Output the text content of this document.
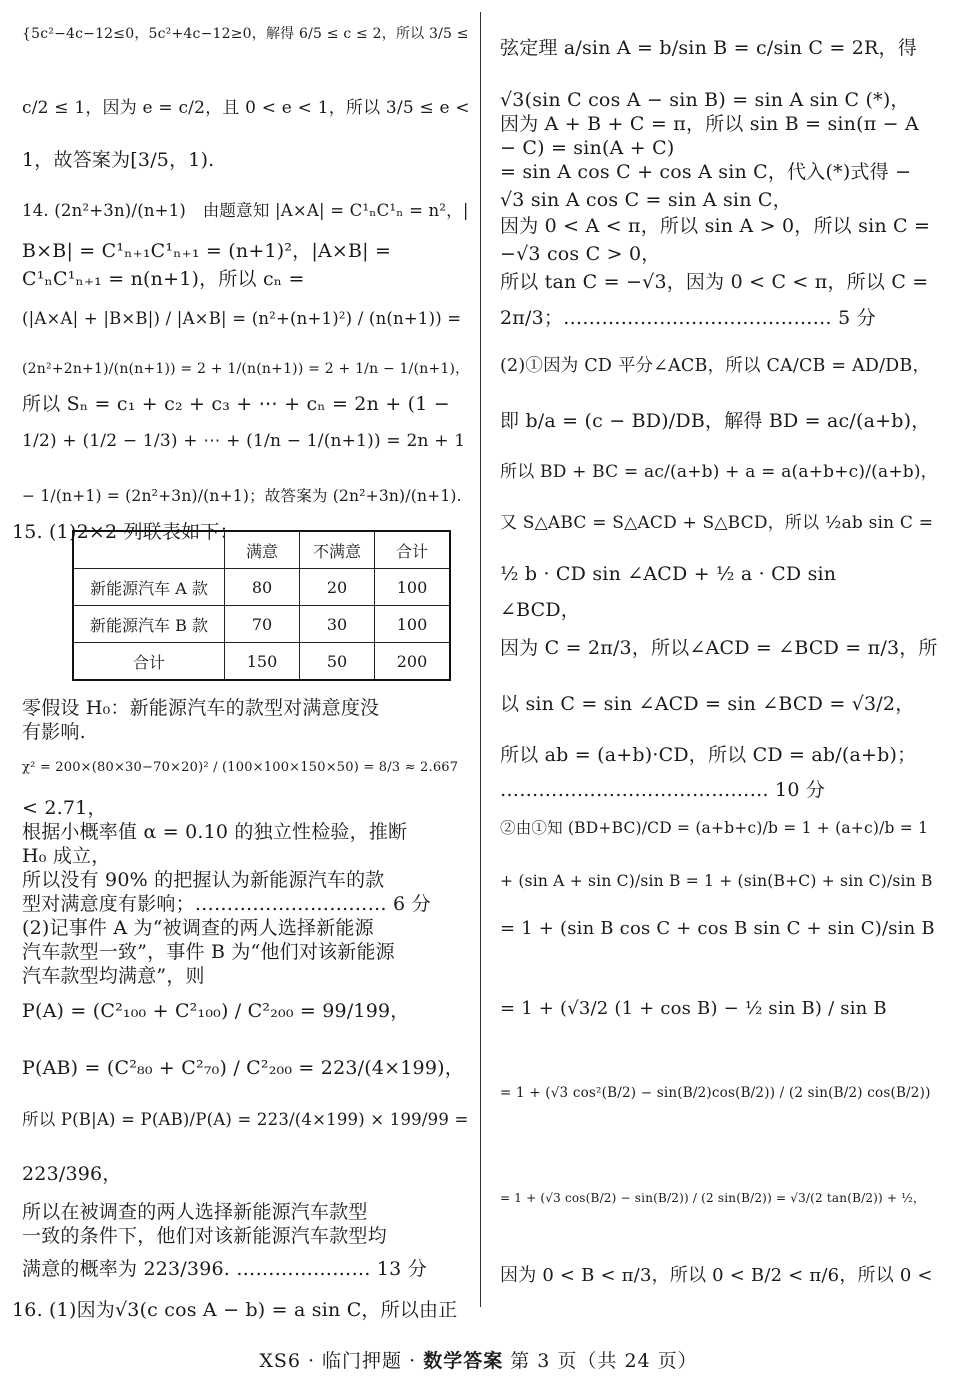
{5c²−4c−12≤0，5c²+4c−12≥0，解得 6/5 ≤ c ≤ 2，所以 3/5 ≤
c/2 ≤ 1，因为 e = c/2，且 0 < e < 1，所以 3/5 ≤ e <
1，故答案为[3/5，1).
14. (2n²+3n)/(n+1)　由题意知 |A×A| = C¹ₙC¹ₙ = n²，|
B×B| = C¹ₙ₊₁C¹ₙ₊₁ = (n+1)²，|A×B| =
C¹ₙC¹ₙ₊₁ = n(n+1)，所以 cₙ =
(|A×A| + |B×B|) / |A×B| = (n²+(n+1)²) / (n(n+1)) =
(2n²+2n+1)/(n(n+1)) = 2 + 1/(n(n+1)) = 2 + 1/n − 1/(n+1)，
所以 Sₙ = c₁ + c₂ + c₃ + ⋯ + cₙ = 2n + (1 −
1/2) + (1/2 − 1/3) + ⋯ + (1/n − 1/(n+1)) = 2n + 1
− 1/(n+1) = (2n²+3n)/(n+1)；故答案为 (2n²+3n)/(n+1).
15. (1)2×2 列联表如下：
	满意	不满意	合计
新能源汽车 A 款	80	20	100
新能源汽车 B 款	70	30	100
合计	150	50	200
零假设 H₀：新能源汽车的款型对满意度没
有影响.
χ² = 200×(80×30−70×20)² / (100×100×150×50) = 8/3 ≈ 2.667
< 2.71，
根据小概率值 α = 0.10 的独立性检验，推断
H₀ 成立，
所以没有 90% 的把握认为新能源汽车的款
型对满意度有影响；………………………… 6 分
(2)记事件 A 为“被调查的两人选择新能源
汽车款型一致”，事件 B 为“他们对该新能源
汽车款型均满意”，则
P(A) = (C²₁₀₀ + C²₁₀₀) / C²₂₀₀ = 99/199，
P(AB) = (C²₈₀ + C²₇₀) / C²₂₀₀ = 223/(4×199)，
所以 P(B|A) = P(AB)/P(A) = 223/(4×199) × 199/99 =
223/396，
所以在被调查的两人选择新能源汽车款型
一致的条件下，他们对该新能源汽车款型均
满意的概率为 223/396. ………………… 13 分
16. (1)因为√3(c cos A − b) = a sin C，所以由正
弦定理 a/sin A = b/sin B = c/sin C = 2R，得
√3(sin C cos A − sin B) = sin A sin C (*)，
因为 A + B + C = π，所以 sin B = sin(π − A
− C) = sin(A + C)
= sin A cos C + cos A sin C，代入(*)式得 −
√3 sin A cos C = sin A sin C，
因为 0 < A < π，所以 sin A > 0，所以 sin C =
−√3 cos C > 0，
所以 tan C = −√3，因为 0 < C < π，所以 C =
2π/3；…………………………………… 5 分
(2)①因为 CD 平分∠ACB，所以 CA/CB = AD/DB，
即 b/a = (c − BD)/DB，解得 BD = ac/(a+b)，
所以 BD + BC = ac/(a+b) + a = a(a+b+c)/(a+b)，
又 S△ABC = S△ACD + S△BCD，所以 ½ab sin C =
½ b · CD sin ∠ACD + ½ a · CD sin
∠BCD，
因为 C = 2π/3，所以∠ACD = ∠BCD = π/3，所
以 sin C = sin ∠ACD = sin ∠BCD = √3/2，
所以 ab = (a+b)·CD，所以 CD = ab/(a+b)；
…………………………………… 10 分
②由①知 (BD+BC)/CD = (a+b+c)/b = 1 + (a+c)/b = 1
+ (sin A + sin C)/sin B = 1 + (sin(B+C) + sin C)/sin B
= 1 + (sin B cos C + cos B sin C + sin C)/sin B
= 1 + (√3/2 (1 + cos B) − ½ sin B) / sin B
= 1 + (√3 cos²(B/2) − sin(B/2)cos(B/2)) / (2 sin(B/2) cos(B/2))
= 1 + (√3 cos(B/2) − sin(B/2)) / (2 sin(B/2)) = √3/(2 tan(B/2)) + ½，
因为 0 < B < π/3，所以 0 < B/2 < π/6，所以 0 <
XS6 · 临门押题 · 数学答案 第 3 页（共 24 页）
